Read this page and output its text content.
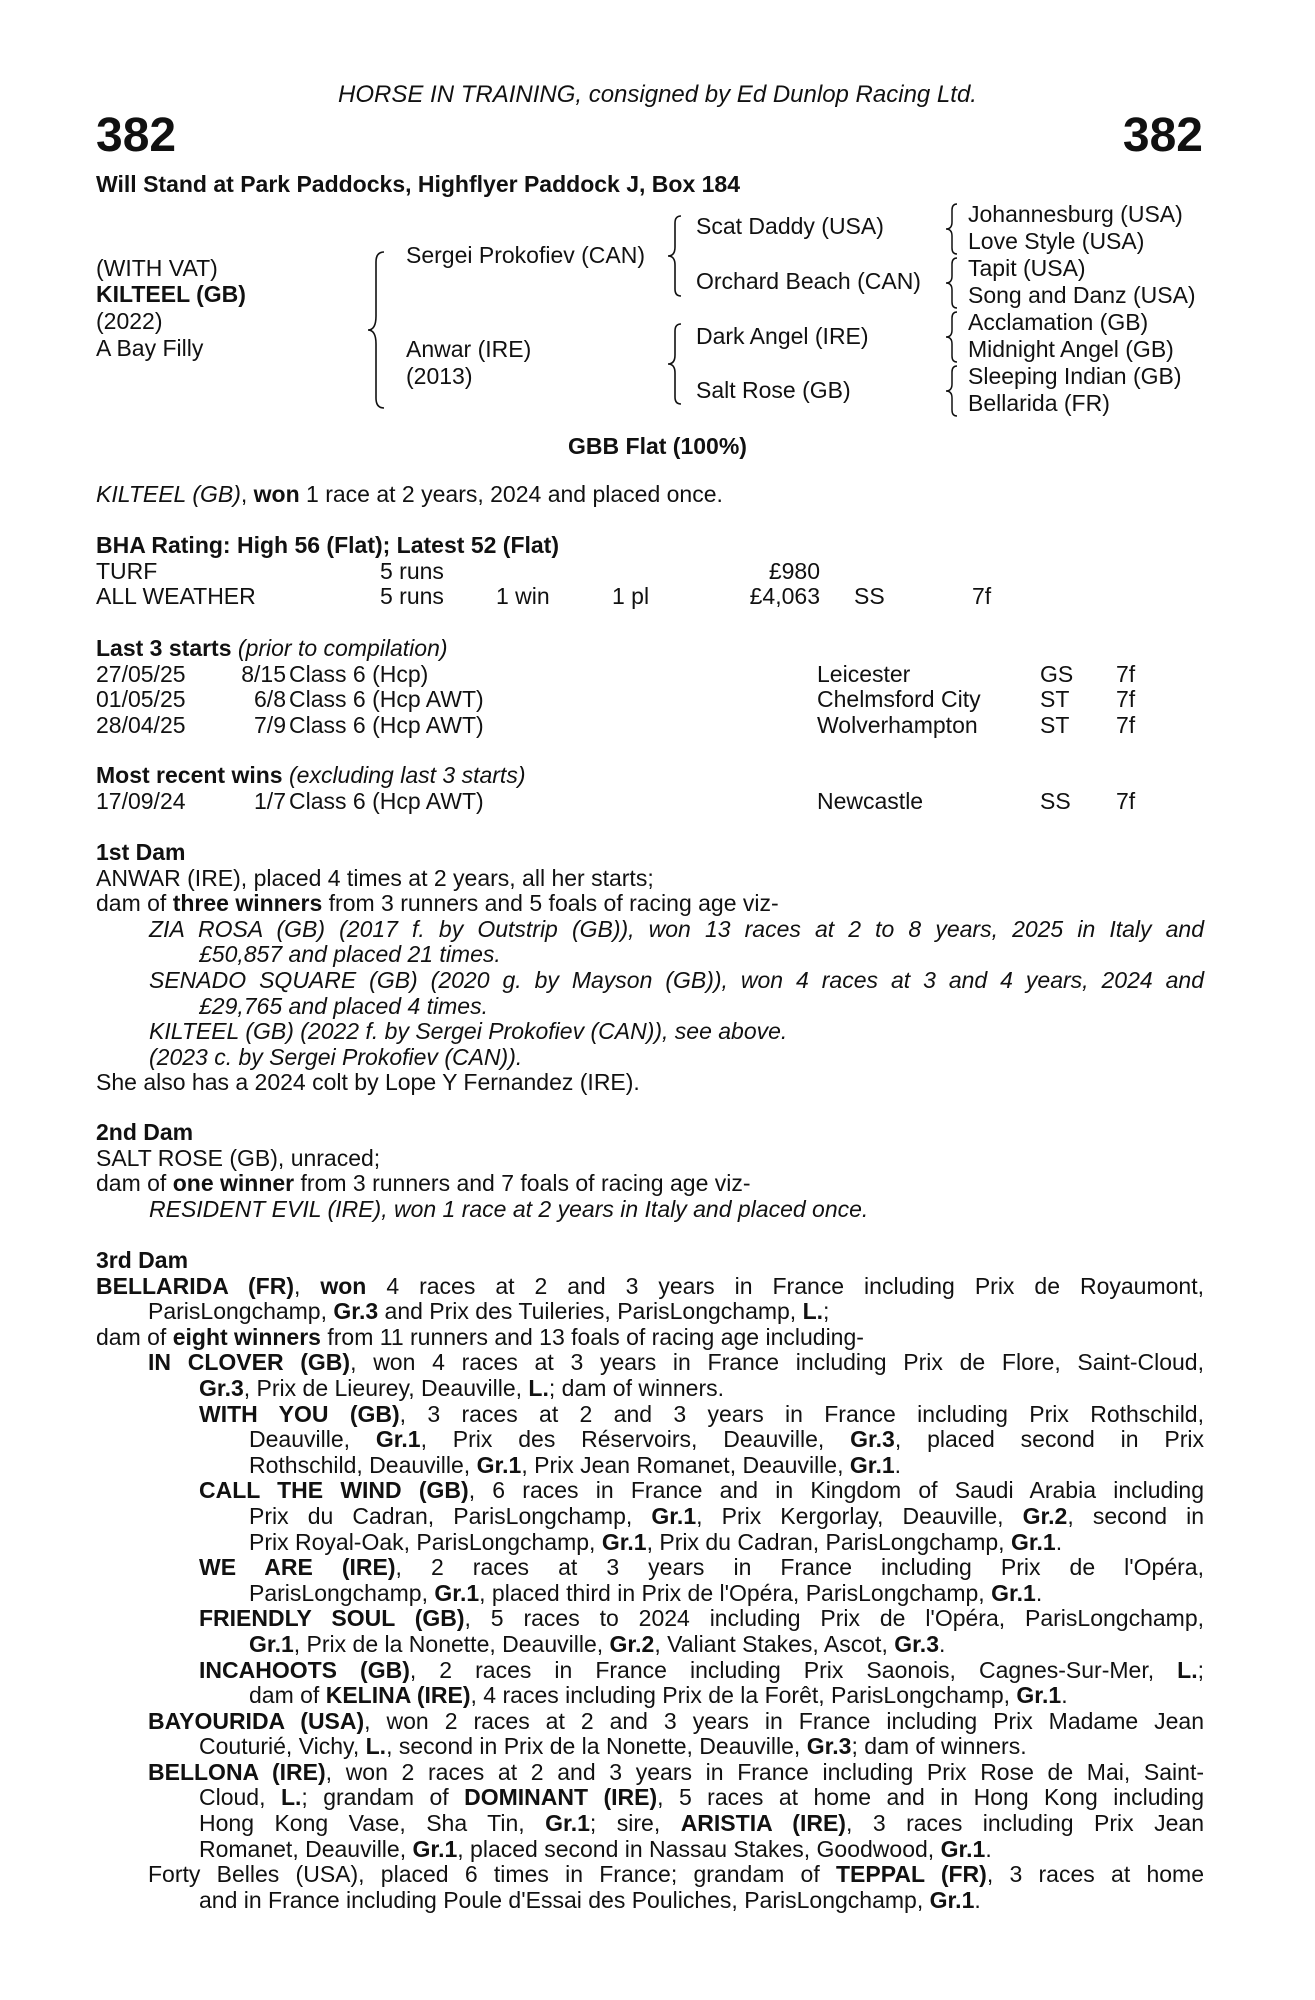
HORSE IN TRAINING, consigned by Ed Dunlop Racing Ltd.
382	382
Will Stand at Park Paddocks, Highflyer Paddock J, Box 184
(WITH VAT)
KILTEEL (GB)
(2022)
A Bay Filly
Sergei Prokofiev (CAN)
Anwar (IRE)
(2013)
Scat Daddy (USA)
Orchard Beach (CAN)
Dark Angel (IRE)
Salt Rose (GB)
Johannesburg (USA)
Love Style (USA)
Tapit (USA)
Song and Danz (USA)
Acclamation (GB)
Midnight Angel (GB)
Sleeping Indian (GB)
Bellarida (FR)
GBB Flat (100%)
KILTEEL (GB), won 1 race at 2 years, 2024 and placed once.
BHA Rating: High 56 (Flat); Latest 52 (Flat)
TURF	5 runs	£980
ALL WEATHER	5 runs 1 win	1 pl	£4,063 SS	7f
Last 3 starts (prior to compilation)
27/05/25 8/15 Class 6 (Hcp)	Leicester	GS 7f
01/05/25	6/8 Class 6 (Hcp AWT)	Chelmsford City	ST 7f
28/04/25	7/9 Class 6 (Hcp AWT)	Wolverhampton	ST 7f
Most recent wins (excluding last 3 starts)
17/09/24	1/7 Class 6 (Hcp AWT)	Newcastle	SS 7f
1st Dam
ANWAR (IRE), placed 4 times at 2 years, all her starts;
dam of three winners from 3 runners and 5 foals of racing age viz-
ZIA ROSA (GB) (2017 f. by Outstrip (GB)), won 13 races at 2 to 8 years, 2025 in Italy and
£50,857 and placed 21 times.
SENADO SQUARE (GB) (2020 g. by Mayson (GB)), won 4 races at 3 and 4 years, 2024 and
£29,765 and placed 4 times.
KILTEEL (GB) (2022 f. by Sergei Prokofiev (CAN)), see above.
(2023 c. by Sergei Prokofiev (CAN)).
She also has a 2024 colt by Lope Y Fernandez (IRE).
2nd Dam
SALT ROSE (GB), unraced;
dam of one winner from 3 runners and 7 foals of racing age viz-
RESIDENT EVIL (IRE), won 1 race at 2 years in Italy and placed once.
3rd Dam
BELLARIDA (FR), won 4 races at 2 and 3 years in France including Prix de Royaumont,
ParisLongchamp, Gr.3 and Prix des Tuileries, ParisLongchamp, L.;
dam of eight winners from 11 runners and 13 foals of racing age including-
IN CLOVER (GB), won 4 races at 3 years in France including Prix de Flore, Saint-Cloud,
Gr.3, Prix de Lieurey, Deauville, L.; dam of winners.
WITH YOU (GB), 3 races at 2 and 3 years in France including Prix Rothschild,
Deauville, Gr.1, Prix des Réservoirs, Deauville, Gr.3, placed second in Prix
Rothschild, Deauville, Gr.1, Prix Jean Romanet, Deauville, Gr.1.
CALL THE WIND (GB), 6 races in France and in Kingdom of Saudi Arabia including
Prix du Cadran, ParisLongchamp, Gr.1, Prix Kergorlay, Deauville, Gr.2, second in
Prix Royal-Oak, ParisLongchamp, Gr.1, Prix du Cadran, ParisLongchamp, Gr.1.
WE ARE (IRE), 2 races at 3 years in France including Prix de l'Opéra,
ParisLongchamp, Gr.1, placed third in Prix de l'Opéra, ParisLongchamp, Gr.1.
FRIENDLY SOUL (GB), 5 races to 2024 including Prix de l'Opéra, ParisLongchamp,
Gr.1, Prix de la Nonette, Deauville, Gr.2, Valiant Stakes, Ascot, Gr.3.
INCAHOOTS (GB), 2 races in France including Prix Saonois, Cagnes-Sur-Mer, L.;
dam of KELINA (IRE), 4 races including Prix de la Forêt, ParisLongchamp, Gr.1.
BAYOURIDA (USA), won 2 races at 2 and 3 years in France including Prix Madame Jean
Couturié, Vichy, L., second in Prix de la Nonette, Deauville, Gr.3; dam of winners.
BELLONA (IRE), won 2 races at 2 and 3 years in France including Prix Rose de Mai, Saint-
Cloud, L.; grandam of DOMINANT (IRE), 5 races at home and in Hong Kong including
Hong Kong Vase, Sha Tin, Gr.1; sire, ARISTIA (IRE), 3 races including Prix Jean
Romanet, Deauville, Gr.1, placed second in Nassau Stakes, Goodwood, Gr.1.
Forty Belles (USA), placed 6 times in France; grandam of TEPPAL (FR), 3 races at home
and in France including Poule d'Essai des Pouliches, ParisLongchamp, Gr.1.
